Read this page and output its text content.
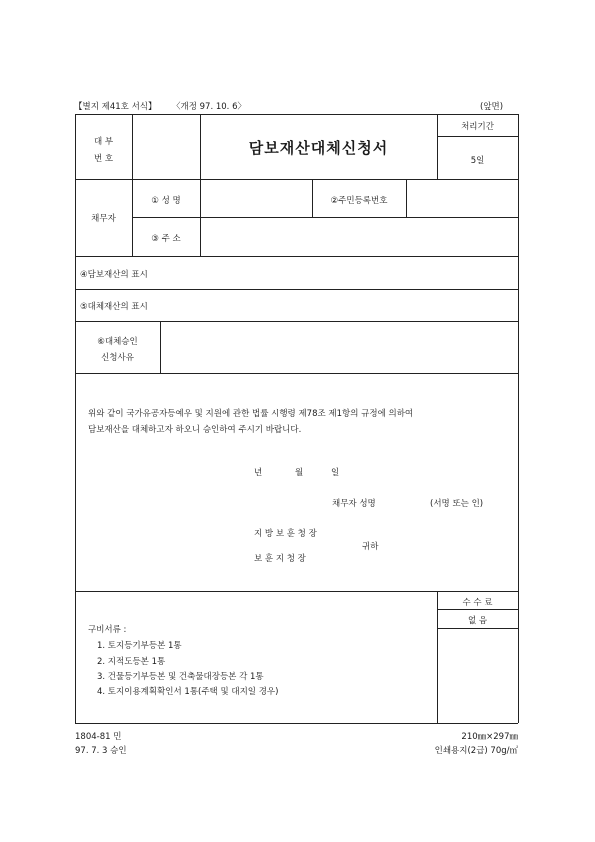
【별지 제41호 서식】 〈개정 97. 10. 6〉	(앞면)
대 부
번 호
담보재산대체신청서
처리기간
5일
채무자
① 성 명	②주민등록번호
③ 주 소
④담보재산의 표시
⑤대체재산의 표시
⑥대체승인
신청사유
위와 같이 국가유공자등예우 및 지원에 관한 법률 시행령 제78조 제1항의 규정에 의하여
담보재산을 대체하고자 하오니 승인하여 주시기 바랍니다.
년	월	일
채무자 성명	(서명 또는 인)
지 방 보 훈 청 장
귀하
보 훈 지 청 장
구비서류 :
1. 토지등기부등본 1통
2. 지적도등본 1통
3. 건물등기부등본 및 건축물대장등본 각 1통
4. 토지이용계획확인서 1통(주택 및 대지일 경우)
수 수 료
없 음
1804-81 민
97. 7. 3 승인
210㎜×297㎜
인쇄용지(2급) 70g/㎡
